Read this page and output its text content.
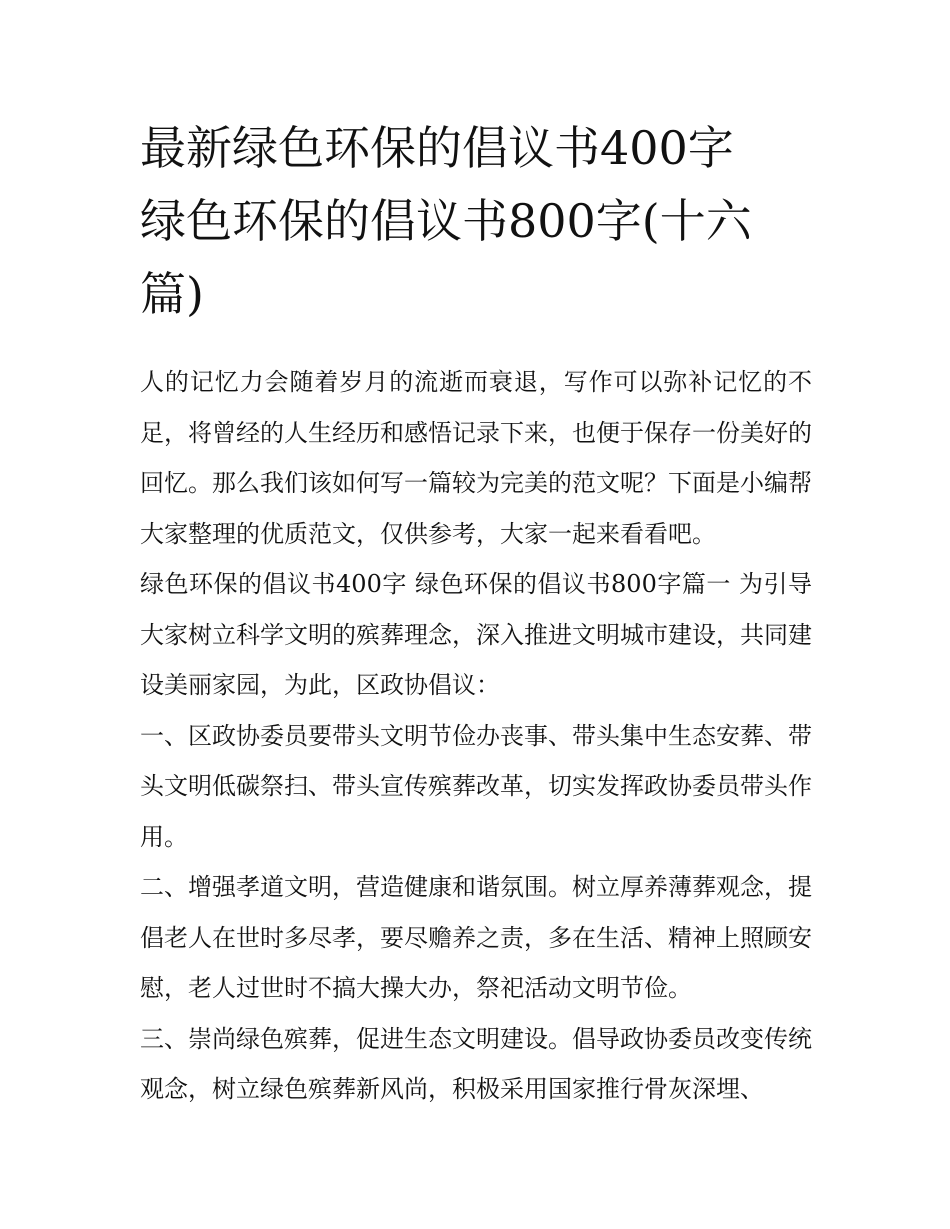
最新绿色环保的倡议书400字
绿色环保的倡议书800字(十六
篇)

人的记忆力会随着岁月的流逝而衰退，写作可以弥补记忆的不足，将曾经的人生经历和感悟记录下来，也便于保存一份美好的回忆。那么我们该如何写一篇较为完美的范文呢？下面是小编帮大家整理的优质范文，仅供参考，大家一起来看看吧。

绿色环保的倡议书400字 绿色环保的倡议书800字篇一 为引导大家树立科学文明的殡葬理念，深入推进文明城市建设，共同建设美丽家园，为此，区政协倡议：

一、区政协委员要带头文明节俭办丧事、带头集中生态安葬、带头文明低碳祭扫、带头宣传殡葬改革，切实发挥政协委员带头作用。

二、增强孝道文明，营造健康和谐氛围。树立厚养薄葬观念，提倡老人在世时多尽孝，要尽赡养之责，多在生活、精神上照顾安慰，老人过世时不搞大操大办，祭祀活动文明节俭。

三、崇尚绿色殡葬，促进生态文明建设。倡导政协委员改变传统观念，树立绿色殡葬新风尚，积极采用国家推行骨灰深埋、
